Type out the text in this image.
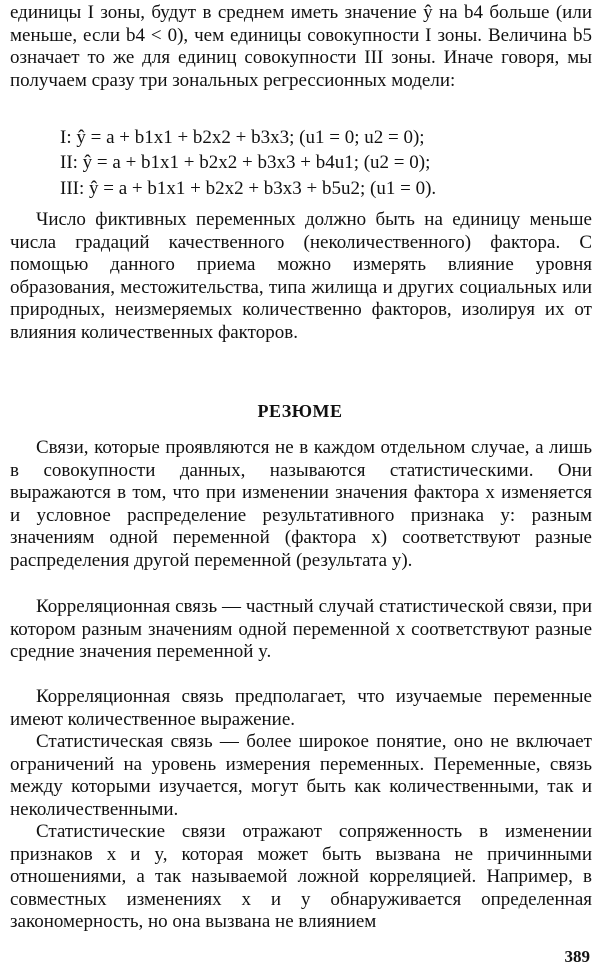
единицы I зоны, будут в среднем иметь значение ŷ на b4 больше (или меньше, если b4 < 0), чем единицы совокупности I зоны. Величина b5 означает то же для единиц совокупности III зоны. Иначе говоря, мы получаем сразу три зональных регрессионных модели:

I: ŷ = a + b1x1 + b2x2 + b3x3; (u1 = 0; u2 = 0);
II: ŷ = a + b1x1 + b2x2 + b3x3 + b4u1; (u2 = 0);
III: ŷ = a + b1x1 + b2x2 + b3x3 + b5u2; (u1 = 0).

Число фиктивных переменных должно быть на единицу меньше числа градаций качественного (неколичественного) фактора. С помощью данного приема можно измерять влияние уровня образования, местожительства, типа жилища и других социальных или природных, неизмеряемых количественно факторов, изолируя их от влияния количественных факторов.

РЕЗЮМЕ

Связи, которые проявляются не в каждом отдельном случае, а лишь в совокупности данных, называются статистическими. Они выражаются в том, что при изменении значения фактора x изменяется и условное распределение результативного признака y: разным значениям одной переменной (фактора x) соответствуют разные распределения другой переменной (результата y).

Корреляционная связь — частный случай статистической связи, при котором разным значениям одной переменной x соответствуют разные средние значения переменной y.

Корреляционная связь предполагает, что изучаемые переменные имеют количественное выражение.

Статистическая связь — более широкое понятие, оно не включает ограничений на уровень измерения переменных. Переменные, связь между которыми изучается, могут быть как количественными, так и неколичественными.

Статистические связи отражают сопряженность в изменении признаков x и y, которая может быть вызвана не причинными отношениями, а так называемой ложной корреляцией. Например, в совместных изменениях x и y обнаруживается определенная закономерность, но она вызвана не влиянием

389
